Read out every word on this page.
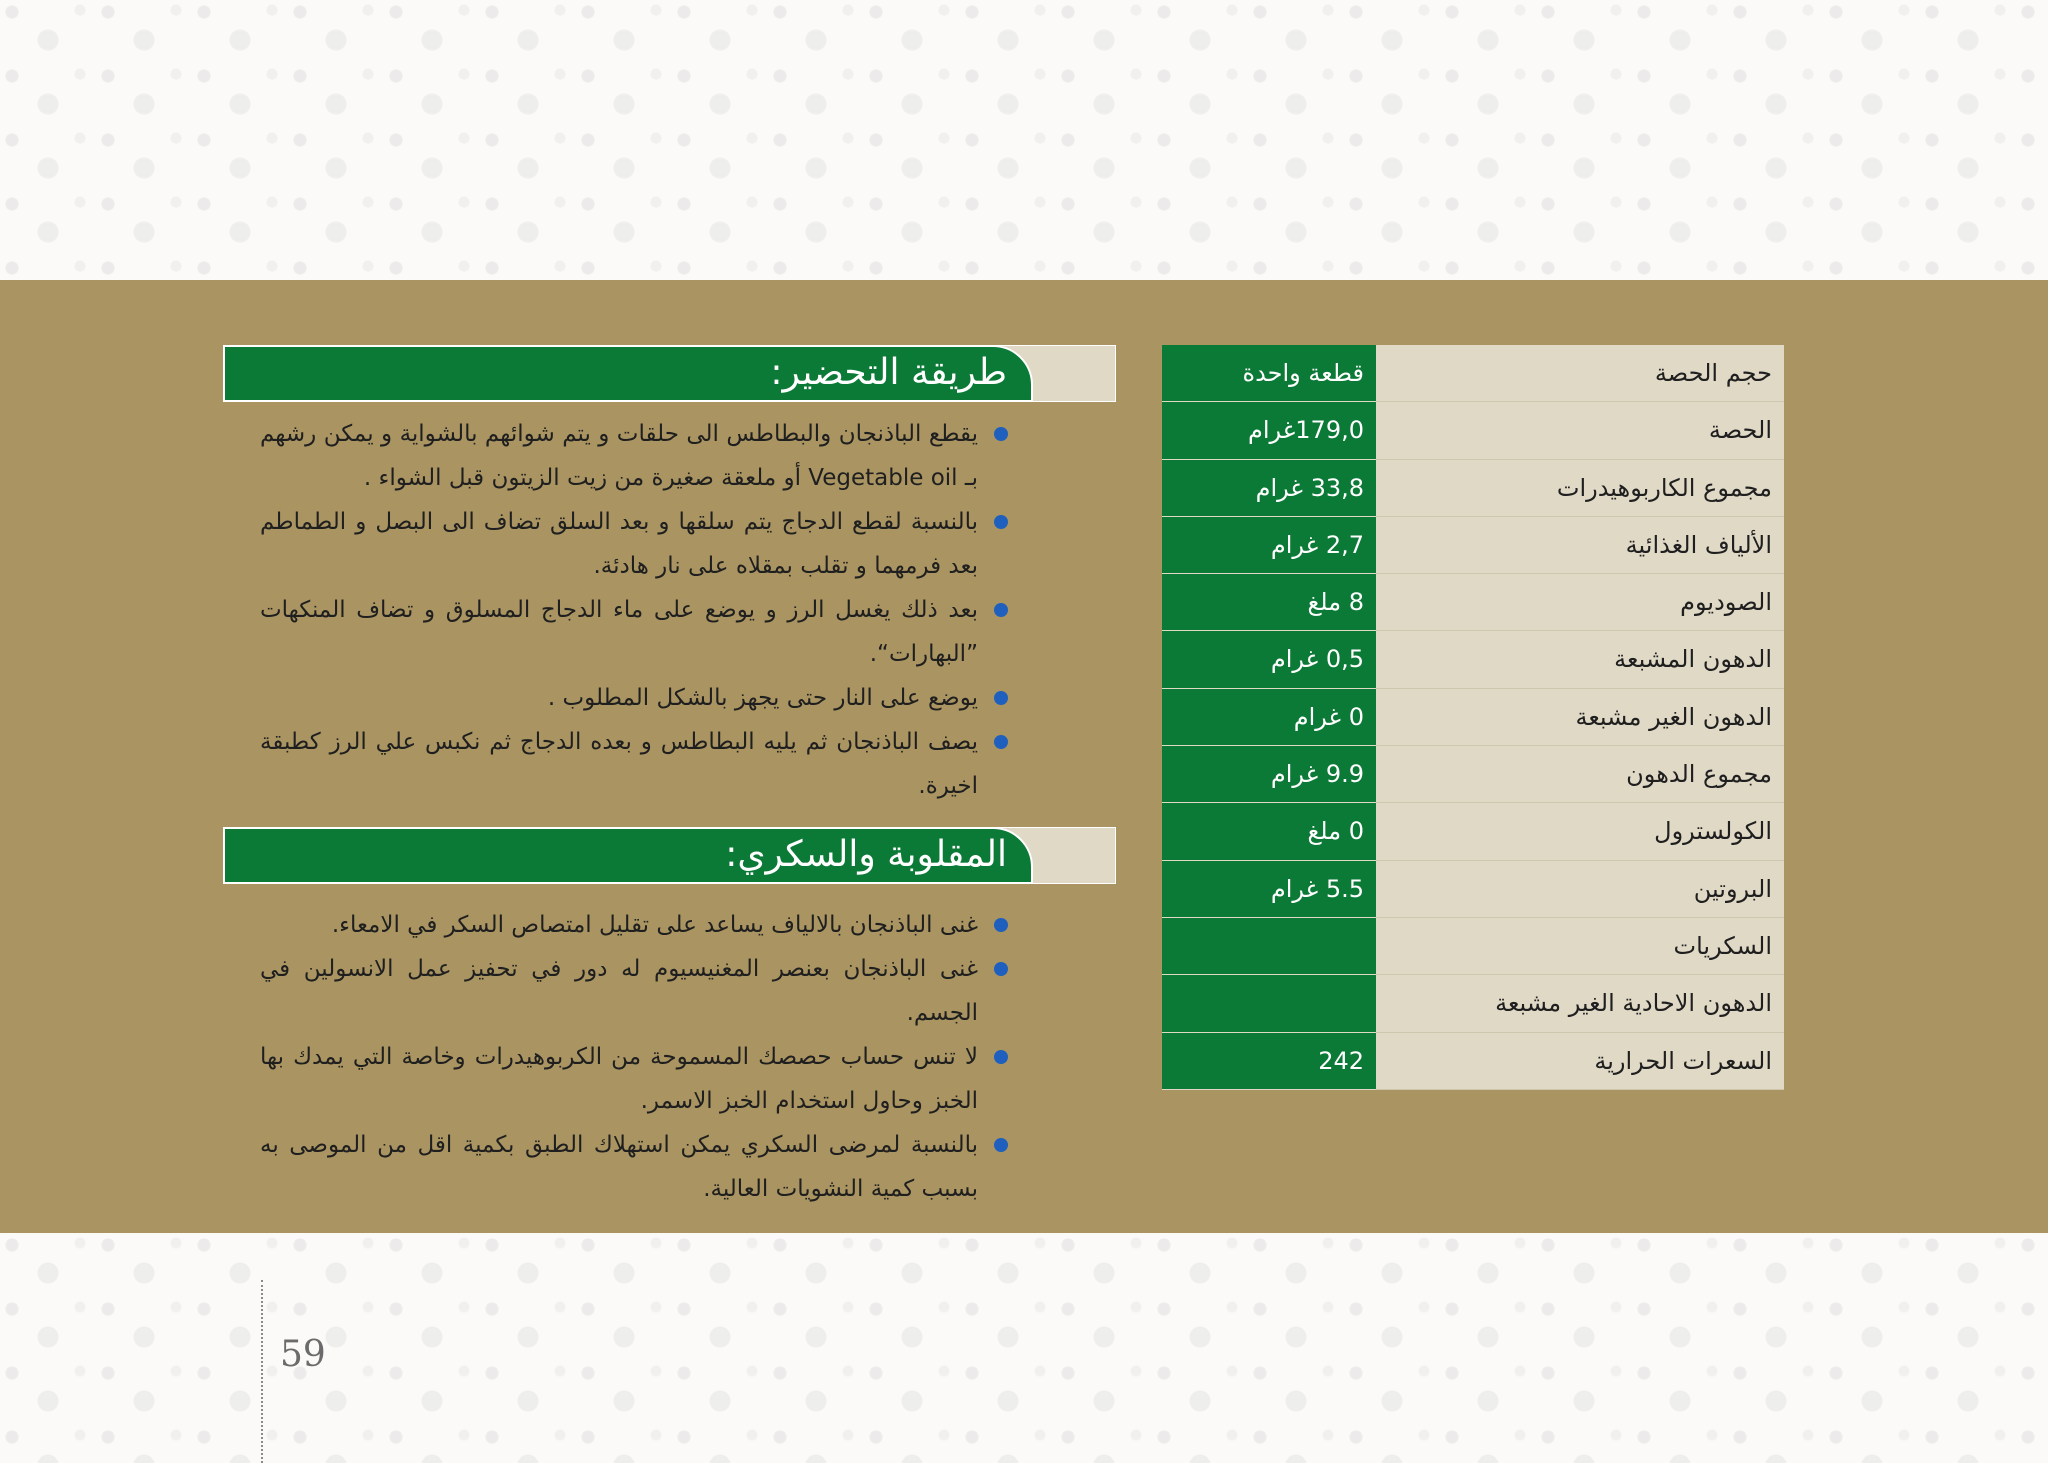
حجم الحصة
قطعة واحدة
الحصة
179,0غرام
مجموع الكاربوهيدرات
33,8 غرام
الألياف الغذائية
2,7 غرام
الصوديوم
8 ملغ
الدهون المشبعة
0,5 غرام
الدهون الغير مشبعة
0 غرام
مجموع الدهون
9.9 غرام
الكولسترول
0 ملغ
البروتين
5.5 غرام
السكريات
الدهون الاحادية الغير مشبعة
السعرات الحرارية
242
طريقة التحضير:
يقطع الباذنجان والبطاطس الى حلقات و يتم شوائهم بالشواية و يمكن رشهم بـ Vegetable oil أو ملعقة صغيرة من زيت الزيتون قبل الشواء .
بالنسبة لقطع الدجاج يتم سلقها و بعد السلق تضاف الى البصل و الطماطم بعد فرمهما و تقلب بمقلاه على نار هادئة.
بعد ذلك يغسل الرز و يوضع على ماء الدجاج المسلوق و تضاف المنكهات ”البهارات“.
يوضع على النار حتى يجهز بالشكل المطلوب .
يصف الباذنجان ثم يليه البطاطس و بعده الدجاج ثم نكبس علي الرز كطبقة اخيرة.
المقلوبة والسكري:
غنى الباذنجان بالالياف يساعد على تقليل امتصاص السكر في الامعاء.
غنى الباذنجان بعنصر المغنيسيوم له دور في تحفيز عمل الانسولين في الجسم.
لا تنس حساب حصصك المسموحة من الكربوهيدرات وخاصة التي يمدك بها الخبز وحاول استخدام الخبز الاسمر.
بالنسبة لمرضى السكري يمكن استهلاك الطبق بكمية اقل من الموصى به بسبب كمية النشويات العالية.
59
